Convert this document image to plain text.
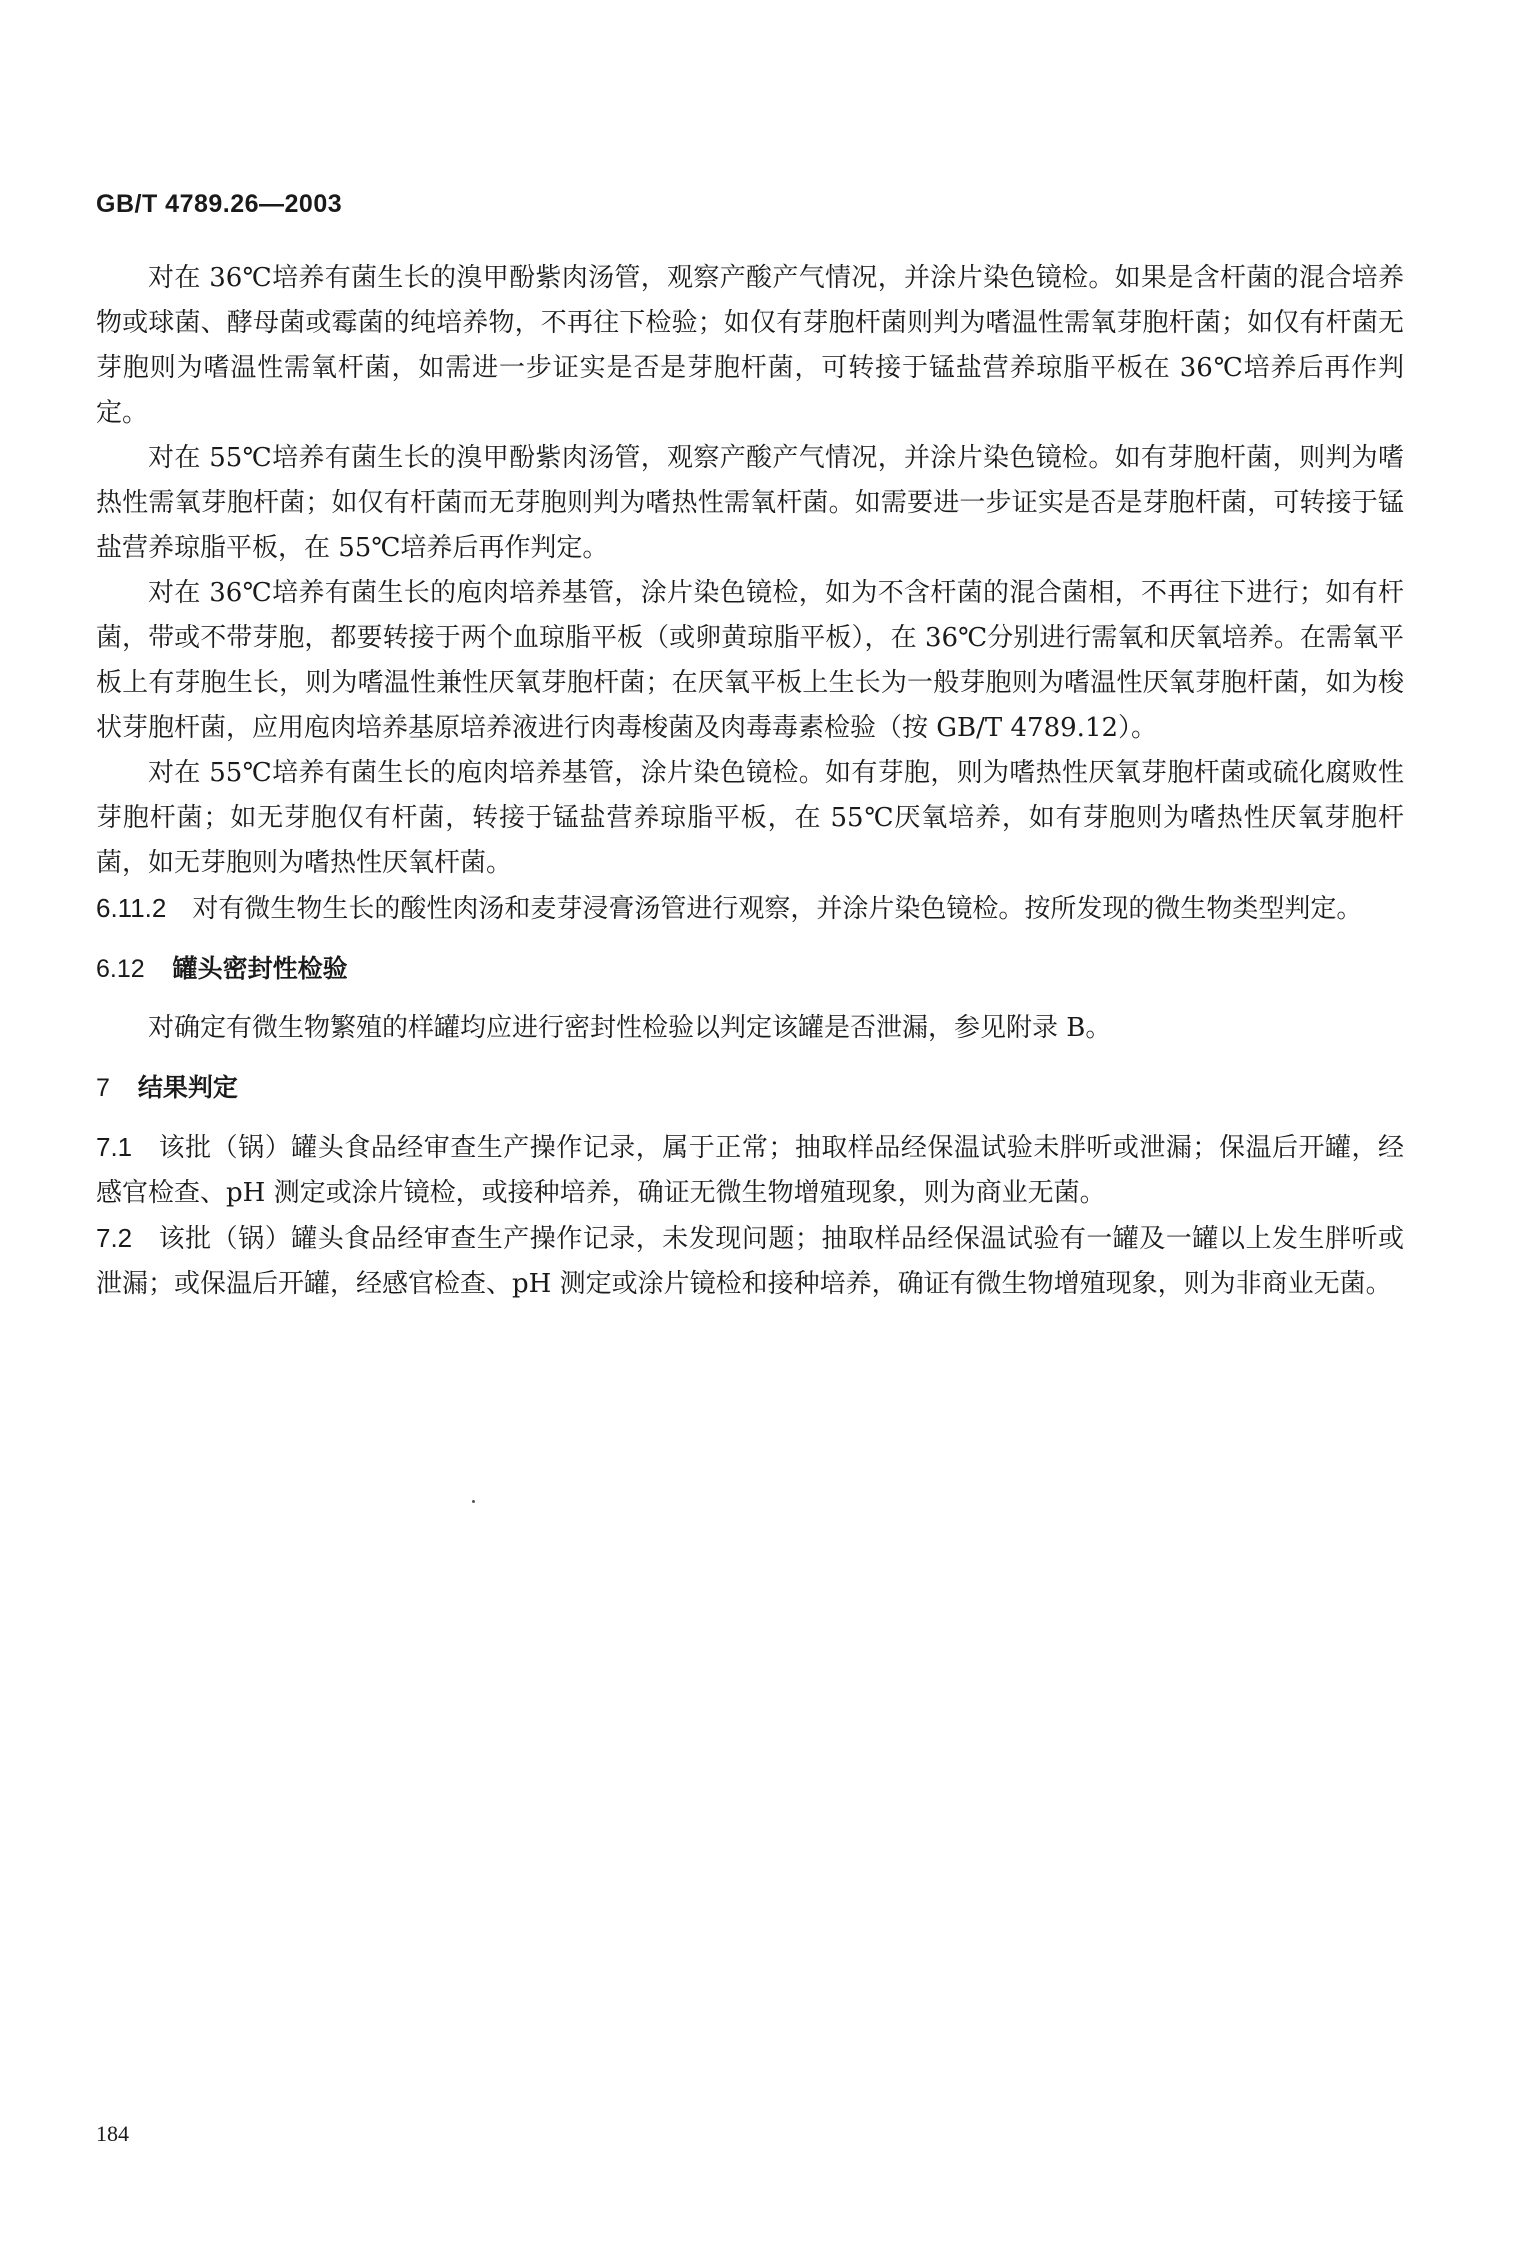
GB/T 4789.26—2003

对在 36℃培养有菌生长的溴甲酚紫肉汤管，观察产酸产气情况，并涂片染色镜检。如果是含杆菌的混合培养物或球菌、酵母菌或霉菌的纯培养物，不再往下检验；如仅有芽胞杆菌则判为嗜温性需氧芽胞杆菌；如仅有杆菌无芽胞则为嗜温性需氧杆菌，如需进一步证实是否是芽胞杆菌，可转接于锰盐营养琼脂平板在 36℃培养后再作判定。

对在 55℃培养有菌生长的溴甲酚紫肉汤管，观察产酸产气情况，并涂片染色镜检。如有芽胞杆菌，则判为嗜热性需氧芽胞杆菌；如仅有杆菌而无芽胞则判为嗜热性需氧杆菌。如需要进一步证实是否是芽胞杆菌，可转接于锰盐营养琼脂平板，在 55℃培养后再作判定。

对在 36℃培养有菌生长的庖肉培养基管，涂片染色镜检，如为不含杆菌的混合菌相，不再往下进行；如有杆菌，带或不带芽胞，都要转接于两个血琼脂平板（或卵黄琼脂平板），在 36℃分别进行需氧和厌氧培养。在需氧平板上有芽胞生长，则为嗜温性兼性厌氧芽胞杆菌；在厌氧平板上生长为一般芽胞则为嗜温性厌氧芽胞杆菌，如为梭状芽胞杆菌，应用庖肉培养基原培养液进行肉毒梭菌及肉毒毒素检验（按 GB/T 4789.12）。

对在 55℃培养有菌生长的庖肉培养基管，涂片染色镜检。如有芽胞，则为嗜热性厌氧芽胞杆菌或硫化腐败性芽胞杆菌；如无芽胞仅有杆菌，转接于锰盐营养琼脂平板，在 55℃厌氧培养，如有芽胞则为嗜热性厌氧芽胞杆菌，如无芽胞则为嗜热性厌氧杆菌。

6.11.2 对有微生物生长的酸性肉汤和麦芽浸膏汤管进行观察，并涂片染色镜检。按所发现的微生物类型判定。

6.12 罐头密封性检验

对确定有微生物繁殖的样罐均应进行密封性检验以判定该罐是否泄漏，参见附录 B。

7 结果判定

7.1 该批（锅）罐头食品经审查生产操作记录，属于正常；抽取样品经保温试验未胖听或泄漏；保温后开罐，经感官检查、pH 测定或涂片镜检，或接种培养，确证无微生物增殖现象，则为商业无菌。

7.2 该批（锅）罐头食品经审查生产操作记录，未发现问题；抽取样品经保温试验有一罐及一罐以上发生胖听或泄漏；或保温后开罐，经感官检查、pH 测定或涂片镜检和接种培养，确证有微生物增殖现象，则为非商业无菌。

184
